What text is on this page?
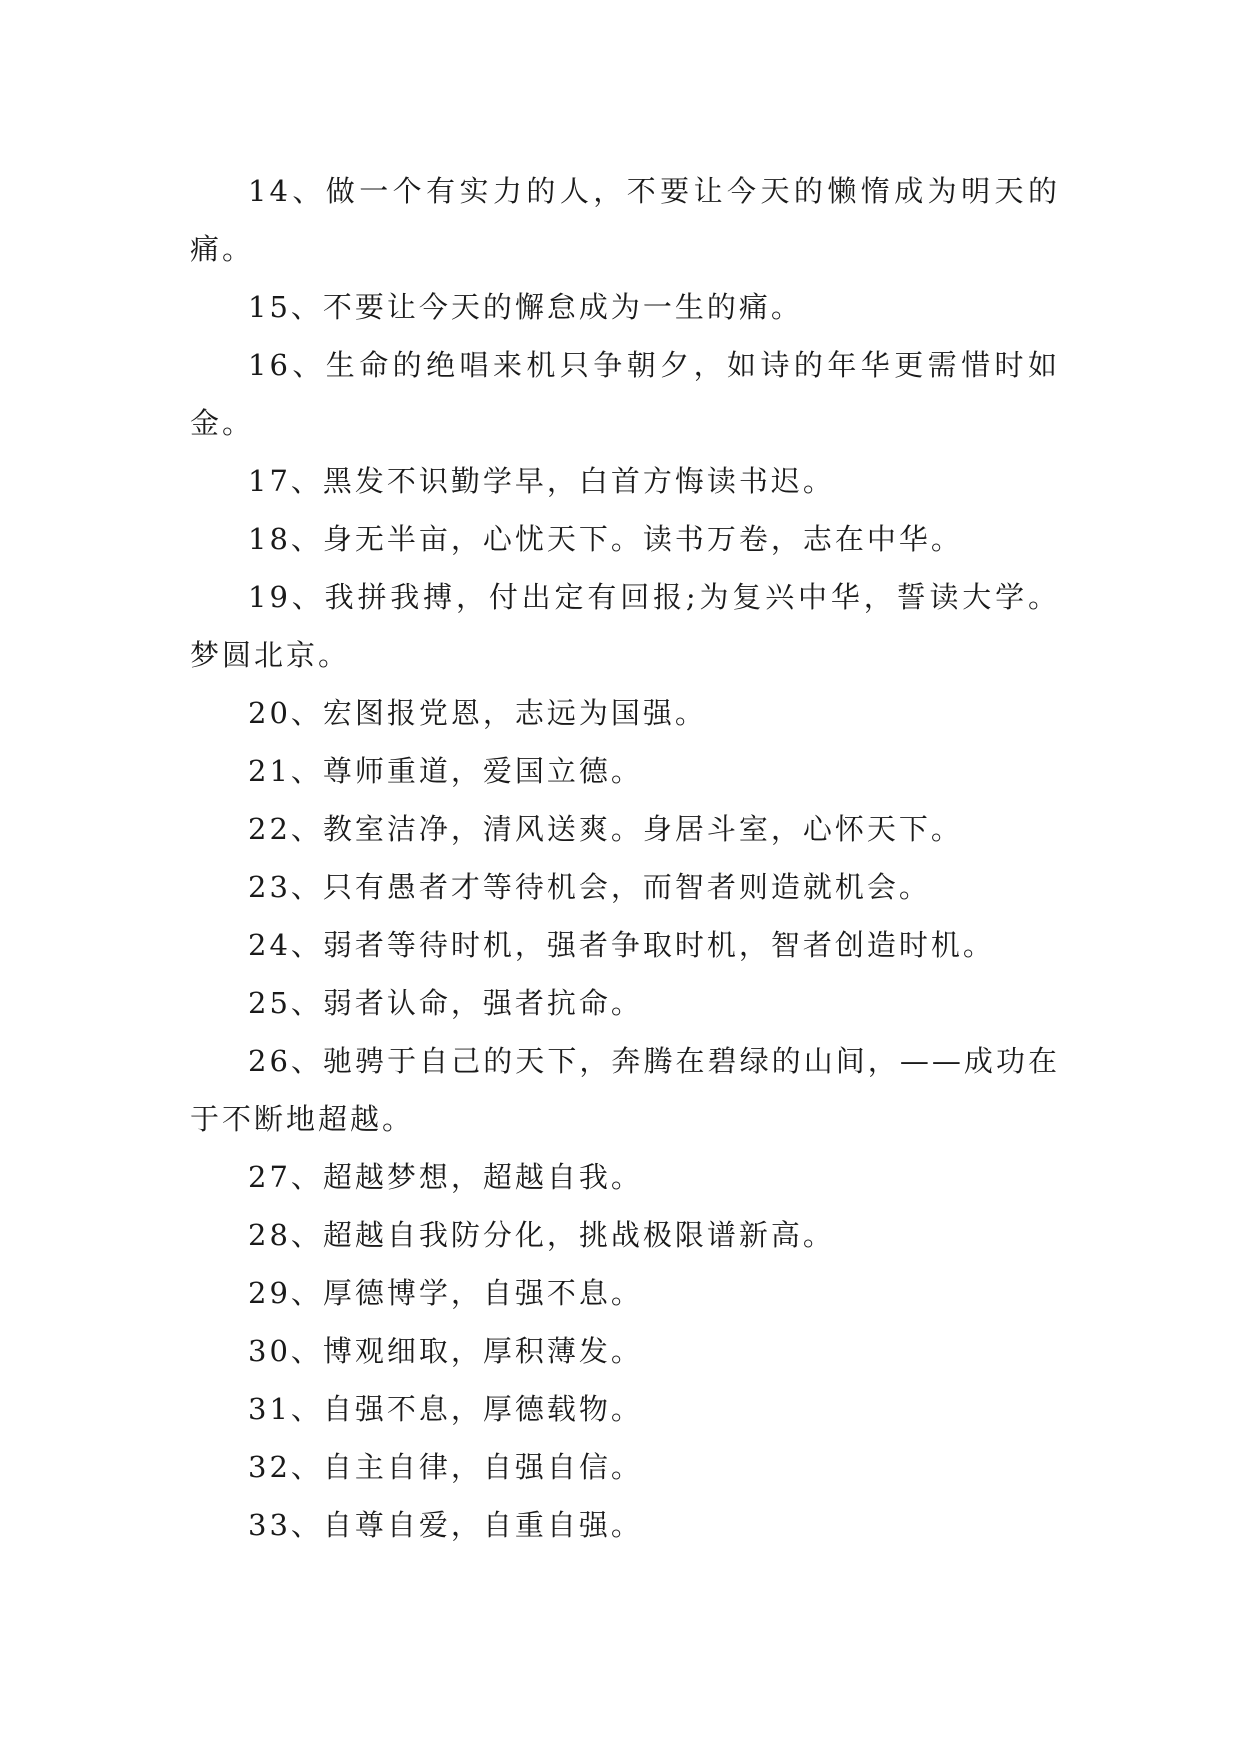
14、做一个有实力的人，不要让今天的懒惰成为明天的痛。

15、不要让今天的懈怠成为一生的痛。

16、生命的绝唱来机只争朝夕，如诗的年华更需惜时如金。

17、黑发不识勤学早，白首方悔读书迟。

18、身无半亩，心忧天下。读书万卷，志在中华。

19、我拼我搏，付出定有回报;为复兴中华，誓读大学。梦圆北京。

20、宏图报党恩，志远为国强。

21、尊师重道，爱国立德。

22、教室洁净，清风送爽。身居斗室，心怀天下。

23、只有愚者才等待机会，而智者则造就机会。

24、弱者等待时机，强者争取时机，智者创造时机。

25、弱者认命，强者抗命。

26、驰骋于自己的天下，奔腾在碧绿的山间，——成功在于不断地超越。

27、超越梦想，超越自我。

28、超越自我防分化，挑战极限谱新高。

29、厚德博学，自强不息。

30、博观细取，厚积薄发。

31、自强不息，厚德载物。

32、自主自律，自强自信。

33、自尊自爱，自重自强。
